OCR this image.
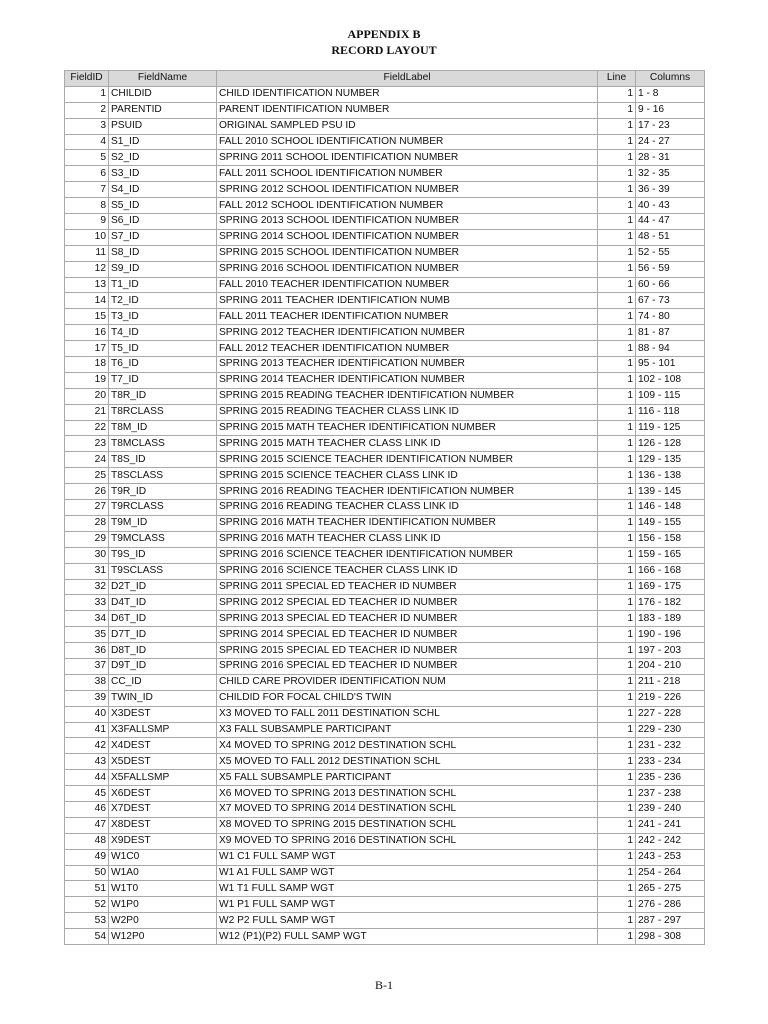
APPENDIX B
RECORD LAYOUT
FieldID	FieldName	FieldLabel	Line	Columns
1	CHILDID	CHILD IDENTIFICATION NUMBER	1	1 - 8
2	PARENTID	PARENT IDENTIFICATION NUMBER	1	9 - 16
3	PSUID	ORIGINAL SAMPLED PSU ID	1	17 - 23
4	S1_ID	FALL 2010 SCHOOL IDENTIFICATION NUMBER	1	24 - 27
5	S2_ID	SPRING 2011 SCHOOL IDENTIFICATION NUMBER	1	28 - 31
6	S3_ID	FALL 2011 SCHOOL IDENTIFICATION NUMBER	1	32 - 35
7	S4_ID	SPRING 2012 SCHOOL IDENTIFICATION NUMBER	1	36 - 39
8	S5_ID	FALL 2012 SCHOOL IDENTIFICATION NUMBER	1	40 - 43
9	S6_ID	SPRING 2013 SCHOOL IDENTIFICATION NUMBER	1	44 - 47
10	S7_ID	SPRING 2014 SCHOOL IDENTIFICATION NUMBER	1	48 - 51
11	S8_ID	SPRING 2015 SCHOOL IDENTIFICATION NUMBER	1	52 - 55
12	S9_ID	SPRING 2016 SCHOOL IDENTIFICATION NUMBER	1	56 - 59
13	T1_ID	FALL 2010 TEACHER IDENTIFICATION NUMBER	1	60 - 66
14	T2_ID	SPRING 2011 TEACHER IDENTIFICATION NUMB	1	67 - 73
15	T3_ID	FALL 2011 TEACHER IDENTIFICATION NUMBER	1	74 - 80
16	T4_ID	SPRING 2012 TEACHER IDENTIFICATION NUMBER	1	81 - 87
17	T5_ID	FALL 2012 TEACHER IDENTIFICATION NUMBER	1	88 - 94
18	T6_ID	SPRING 2013 TEACHER IDENTIFICATION NUMBER	1	95 - 101
19	T7_ID	SPRING 2014 TEACHER IDENTIFICATION NUMBER	1	102 - 108
20	T8R_ID	SPRING 2015 READING TEACHER IDENTIFICATION NUMBER	1	109 - 115
21	T8RCLASS	SPRING 2015 READING TEACHER CLASS LINK ID	1	116 - 118
22	T8M_ID	SPRING 2015 MATH TEACHER IDENTIFICATION NUMBER	1	119 - 125
23	T8MCLASS	SPRING 2015 MATH TEACHER CLASS LINK ID	1	126 - 128
24	T8S_ID	SPRING 2015 SCIENCE TEACHER IDENTIFICATION NUMBER	1	129 - 135
25	T8SCLASS	SPRING 2015 SCIENCE TEACHER CLASS LINK ID	1	136 - 138
26	T9R_ID	SPRING 2016 READING TEACHER IDENTIFICATION NUMBER	1	139 - 145
27	T9RCLASS	SPRING 2016 READING TEACHER CLASS LINK ID	1	146 - 148
28	T9M_ID	SPRING 2016 MATH TEACHER IDENTIFICATION NUMBER	1	149 - 155
29	T9MCLASS	SPRING 2016 MATH TEACHER CLASS LINK ID	1	156 - 158
30	T9S_ID	SPRING 2016 SCIENCE TEACHER IDENTIFICATION NUMBER	1	159 - 165
31	T9SCLASS	SPRING 2016 SCIENCE TEACHER CLASS LINK ID	1	166 - 168
32	D2T_ID	SPRING 2011 SPECIAL ED TEACHER ID NUMBER	1	169 - 175
33	D4T_ID	SPRING 2012 SPECIAL ED TEACHER ID NUMBER	1	176 - 182
34	D6T_ID	SPRING 2013 SPECIAL ED TEACHER ID NUMBER	1	183 - 189
35	D7T_ID	SPRING 2014 SPECIAL ED TEACHER ID NUMBER	1	190 - 196
36	D8T_ID	SPRING 2015 SPECIAL ED TEACHER ID NUMBER	1	197 - 203
37	D9T_ID	SPRING 2016 SPECIAL ED TEACHER ID NUMBER	1	204 - 210
38	CC_ID	CHILD CARE PROVIDER IDENTIFICATION NUM	1	211 - 218
39	TWIN_ID	CHILDID FOR FOCAL CHILD'S TWIN	1	219 - 226
40	X3DEST	X3 MOVED TO FALL 2011 DESTINATION SCHL	1	227 - 228
41	X3FALLSMP	X3 FALL SUBSAMPLE PARTICIPANT	1	229 - 230
42	X4DEST	X4 MOVED TO SPRING 2012 DESTINATION SCHL	1	231 - 232
43	X5DEST	X5 MOVED TO FALL 2012 DESTINATION SCHL	1	233 - 234
44	X5FALLSMP	X5 FALL SUBSAMPLE PARTICIPANT	1	235 - 236
45	X6DEST	X6 MOVED TO SPRING 2013 DESTINATION SCHL	1	237 - 238
46	X7DEST	X7 MOVED TO SPRING 2014 DESTINATION SCHL	1	239 - 240
47	X8DEST	X8 MOVED TO SPRING 2015 DESTINATION SCHL	1	241 - 241
48	X9DEST	X9 MOVED TO SPRING 2016 DESTINATION SCHL	1	242 - 242
49	W1C0	W1 C1 FULL SAMP WGT	1	243 - 253
50	W1A0	W1 A1 FULL SAMP WGT	1	254 - 264
51	W1T0	W1 T1 FULL SAMP WGT	1	265 - 275
52	W1P0	W1 P1 FULL SAMP WGT	1	276 - 286
53	W2P0	W2 P2 FULL SAMP WGT	1	287 - 297
54	W12P0	W12 (P1)(P2) FULL SAMP WGT	1	298 - 308
B-1
